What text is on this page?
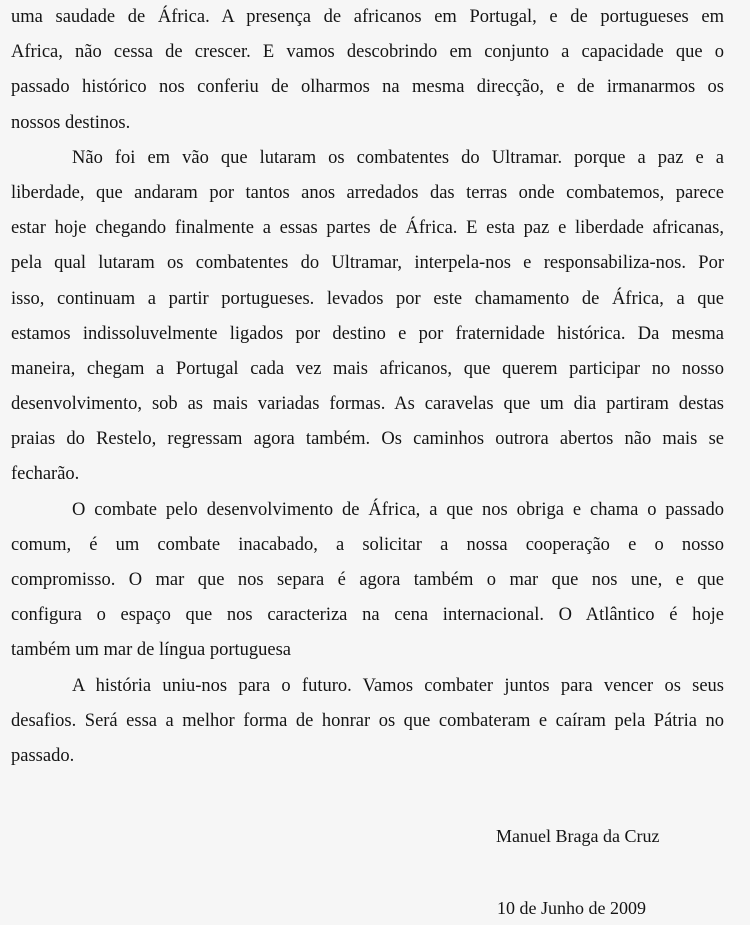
uma saudade de África. A presença de africanos em Portugal, e de portugueses em
Africa, não cessa de crescer. E vamos descobrindo em conjunto a capacidade que o
passado histórico nos conferiu de olharmos na mesma direcção, e de irmanarmos os
nossos destinos.
Não foi em vão que lutaram os combatentes do Ultramar. porque a paz e a
liberdade, que andaram por tantos anos arredados das terras onde combatemos, parece
estar hoje chegando finalmente a essas partes de África. E esta paz e liberdade africanas,
pela qual lutaram os combatentes do Ultramar, interpela-nos e responsabiliza-nos. Por
isso, continuam a partir portugueses. levados por este chamamento de África, a que
estamos indissoluvelmente ligados por destino e por fraternidade histórica. Da mesma
maneira, chegam a Portugal cada vez mais africanos, que querem participar no nosso
desenvolvimento, sob as mais variadas formas. As caravelas que um dia partiram destas
praias do Restelo, regressam agora também. Os caminhos outrora abertos não mais se
fecharão.
O combate pelo desenvolvimento de África, a que nos obriga e chama o passado
comum, é um combate inacabado, a solicitar a nossa cooperação e o nosso
compromisso. O mar que nos separa é agora também o mar que nos une, e que
configura o espaço que nos caracteriza na cena internacional. O Atlântico é hoje
também um mar de língua portuguesa
A história uniu-nos para o futuro. Vamos combater juntos para vencer os seus
desafios. Será essa a melhor forma de honrar os que combateram e caíram pela Pátria no
passado.
Manuel Braga da Cruz
10 de Junho de 2009
